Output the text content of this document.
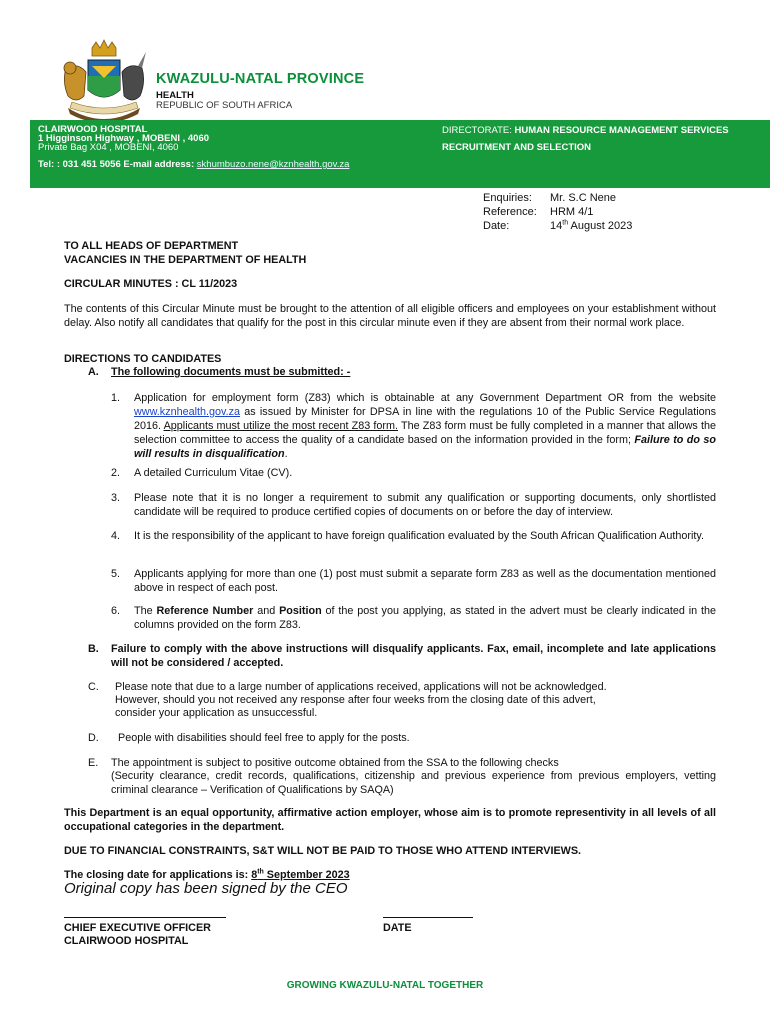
KWAZULU-NATAL PROVINCE
HEALTH
REPUBLIC OF SOUTH AFRICA
CLAIRWOOD HOSPITAL
1 Higginson Highway , MOBENI , 4060
Private Bag X04 , MOBENI, 4060
Tel: : 031 451 5056 E-mail address: skhumbuzo.nene@kznhealth.gov.za
DIRECTORATE: HUMAN RESOURCE MANAGEMENT SERVICES
RECRUITMENT AND SELECTION
Enquiries:	Mr. S.C Nene
Reference:	HRM 4/1
Date:	14th August 2023
TO ALL HEADS OF DEPARTMENT
VACANCIES IN THE DEPARTMENT OF HEALTH
CIRCULAR MINUTES : CL 11/2023
The contents of this Circular Minute must be brought to the attention of all eligible officers and employees on your establishment without delay. Also notify all candidates that qualify for the post in this circular minute even if they are absent from their normal work place.
DIRECTIONS TO CANDIDATES
A. The following documents must be submitted: -
1. Application for employment form (Z83) which is obtainable at any Government Department OR from the website www.kznhealth.gov.za as issued by Minister for DPSA in line with the regulations 10 of the Public Service Regulations 2016. Applicants must utilize the most recent Z83 form. The Z83 form must be fully completed in a manner that allows the selection committee to access the quality of a candidate based on the information provided in the form; Failure to do so will results in disqualification.
2. A detailed Curriculum Vitae (CV).
3. Please note that it is no longer a requirement to submit any qualification or supporting documents, only shortlisted candidate will be required to produce certified copies of documents on or before the day of interview.
4. It is the responsibility of the applicant to have foreign qualification evaluated by the South African Qualification Authority.
5. Applicants applying for more than one (1) post must submit a separate form Z83 as well as the documentation mentioned above in respect of each post.
6. The Reference Number and Position of the post you applying, as stated in the advert must be clearly indicated in the columns provided on the form Z83.
B. Failure to comply with the above instructions will disqualify applicants. Fax, email, incomplete and late applications will not be considered / accepted.
C. Please note that due to a large number of applications received, applications will not be acknowledged.
However, should you not received any response after four weeks from the closing date of this advert,
consider your application as unsuccessful.
D. People with disabilities should feel free to apply for the posts.
E. The appointment is subject to positive outcome obtained from the SSA to the following checks
(Security clearance, credit records, qualifications, citizenship and previous experience from previous employers, vetting criminal clearance – Verification of Qualifications by SAQA)
This Department is an equal opportunity, affirmative action employer, whose aim is to promote representivity in all levels of all occupational categories in the department.
DUE TO FINANCIAL CONSTRAINTS, S&T WILL NOT BE PAID TO THOSE WHO ATTEND INTERVIEWS.
The closing date for applications is: 8th September 2023
Original copy has been signed by the CEO
CHIEF EXECUTIVE OFFICER	DATE
CLAIRWOOD HOSPITAL
GROWING KWAZULU-NATAL TOGETHER
